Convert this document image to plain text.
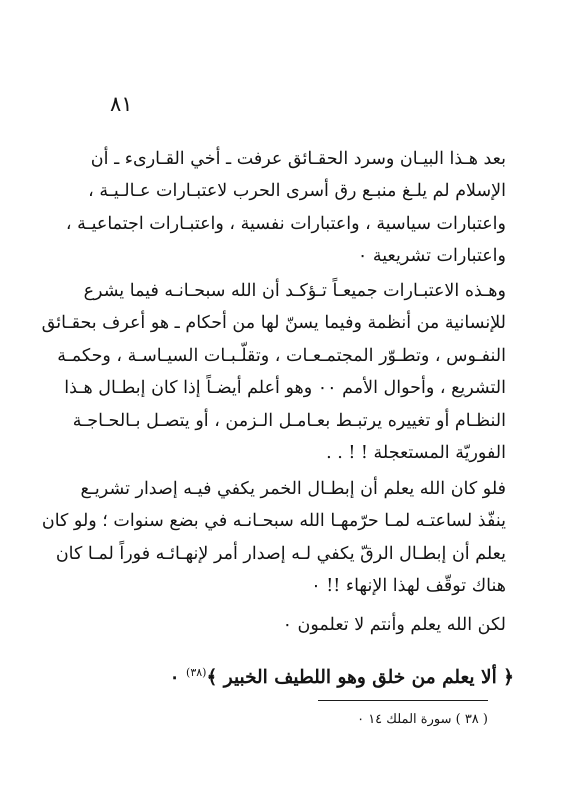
٨١
بعد هـذا البيـان وسرد الحقـائق عرفت ـ أخي القـارىء ـ أن
الإسلام لم يلـغ منبـع رق أسرى الحرب لاعتبـارات عـالـيـة ،
واعتبارات سياسية ، واعتبارات نفسية ، واعتبـارات اجتماعيـة ،
واعتبارات تشريعية ٠
وهـذه الاعتبـارات جميعـاً تـؤكـد أن الله سبحـانـه فيما يشرع
للإنسانية من أنظمة وفيما يسنّ لها من أحكام ـ هو أعرف بحقـائق
النفـوس ، وتطـوّر المجتمـعـات ، وتقلّـبـات السيـاسـة ، وحكمـة
التشريع ، وأحوال الأمم ٠٠ وهو أعلم أيضـاً إذا كان إبطـال هـذا
النظـام أو تغييره يرتبـط بعـامـل الـزمن ، أو يتصـل بـالحـاجـة
الفوريّة المستعجلة ! ! . .
فلو كان الله يعلم أن إبطـال الخمر يكفي فيـه إصدار تشريـع
ينفّذ لساعتـه لمـا حرّمهـا الله سبحـانـه في بضع سنوات ؛ ولو كان
يعلم أن إبطـال الرقّ يكفي لـه إصدار أمر لإنهـائـه فوراً لمـا كان
هناك توقّف لهذا الإنهاء !! ٠
لكن الله يعلم وأنتم لا تعلمون ٠
﴿ ألا يعلم من خلق وهو اللطيف الخبير ﴾$^{(٣٨)}$ ٠
( ٣٨ ) سورة الملك ١٤ ٠
